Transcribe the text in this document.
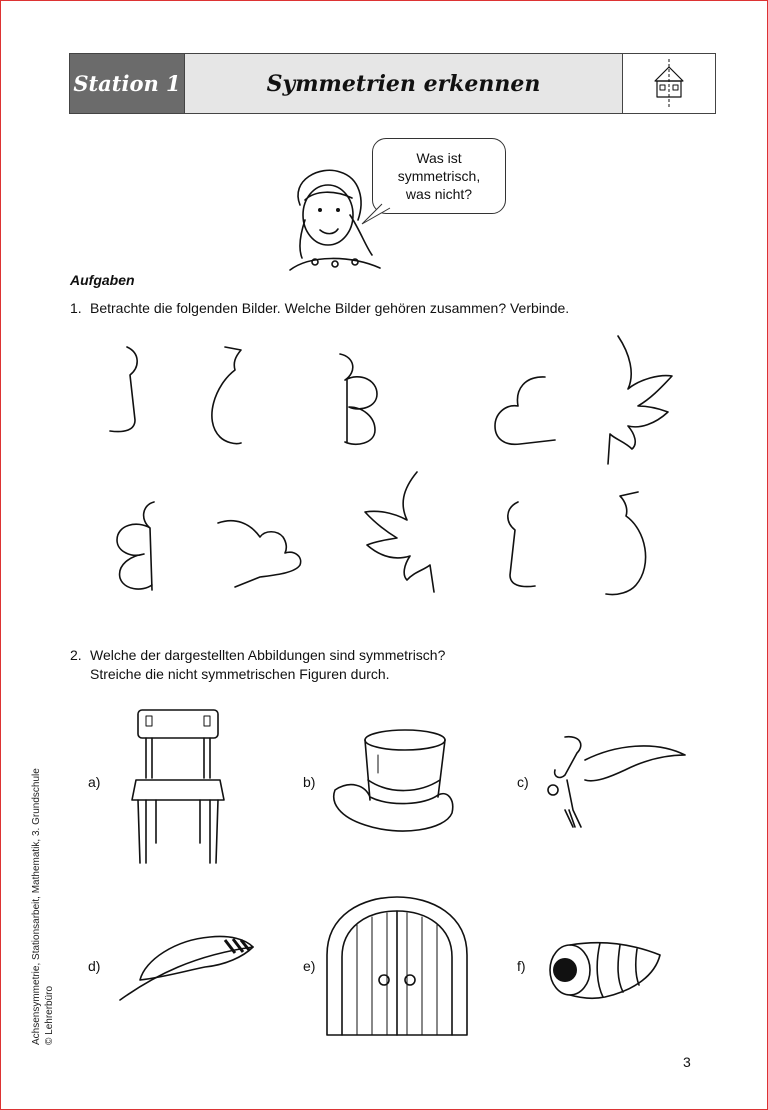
Station 1	Symmetrien erkennen
Was ist
symmetrisch,
was nicht?
Aufgaben
1. Betrachte die folgenden Bilder. Welche Bilder gehören zusammen? Verbinde.
2. Welche der dargestellten Abbildungen sind symmetrisch?
Streiche die nicht symmetrischen Figuren durch.
a)	b)	c)
d)	e)	f)
Achsensymmetrie, Stationsarbeit, Mathematik, 3. Grundschule © Lehrerbüro
3
